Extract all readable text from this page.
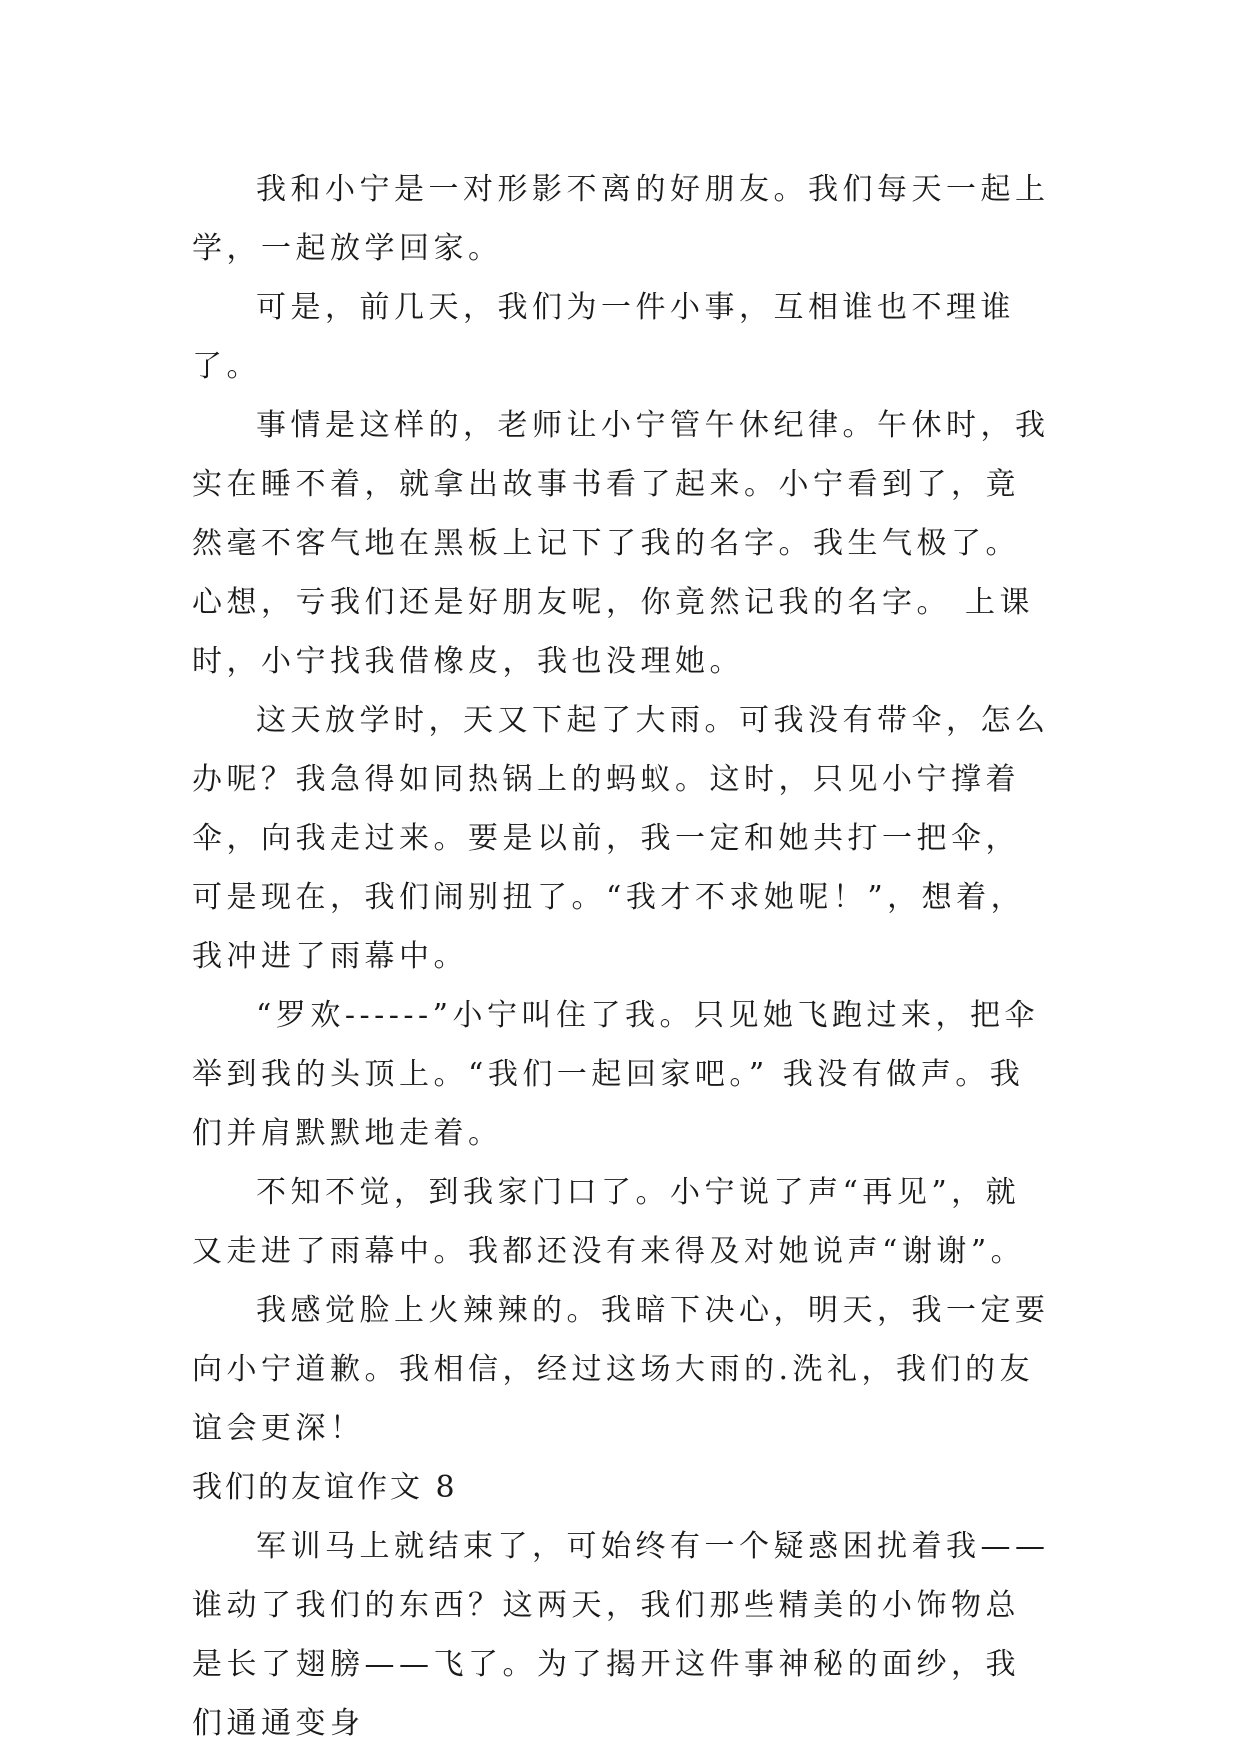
我和小宁是一对形影不离的好朋友。我们每天一起上学，一起放学回家。

可是，前几天，我们为一件小事，互相谁也不理谁了。

事情是这样的，老师让小宁管午休纪律。午休时，我实在睡不着，就拿出故事书看了起来。小宁看到了，竟然毫不客气地在黑板上记下了我的名字。我生气极了。心想，亏我们还是好朋友呢，你竟然记我的名字。 上课时，小宁找我借橡皮，我也没理她。

这天放学时，天又下起了大雨。可我没有带伞，怎么办呢？我急得如同热锅上的蚂蚁。这时，只见小宁撑着伞，向我走过来。要是以前，我一定和她共打一把伞，可是现在，我们闹别扭了。“我才不求她呢！”，想着，我冲进了雨幕中。

“罗欢------”小宁叫住了我。只见她飞跑过来，把伞举到我的头顶上。“我们一起回家吧。” 我没有做声。我们并肩默默地走着。

不知不觉，到我家门口了。小宁说了声“再见”，就又走进了雨幕中。我都还没有来得及对她说声“谢谢”。

我感觉脸上火辣辣的。我暗下决心，明天，我一定要向小宁道歉。我相信，经过这场大雨的.洗礼，我们的友谊会更深！

我们的友谊作文 8

军训马上就结束了，可始终有一个疑惑困扰着我——谁动了我们的东西？这两天，我们那些精美的小饰物总是长了翅膀——飞了。为了揭开这件事神秘的面纱，我们通通变身
